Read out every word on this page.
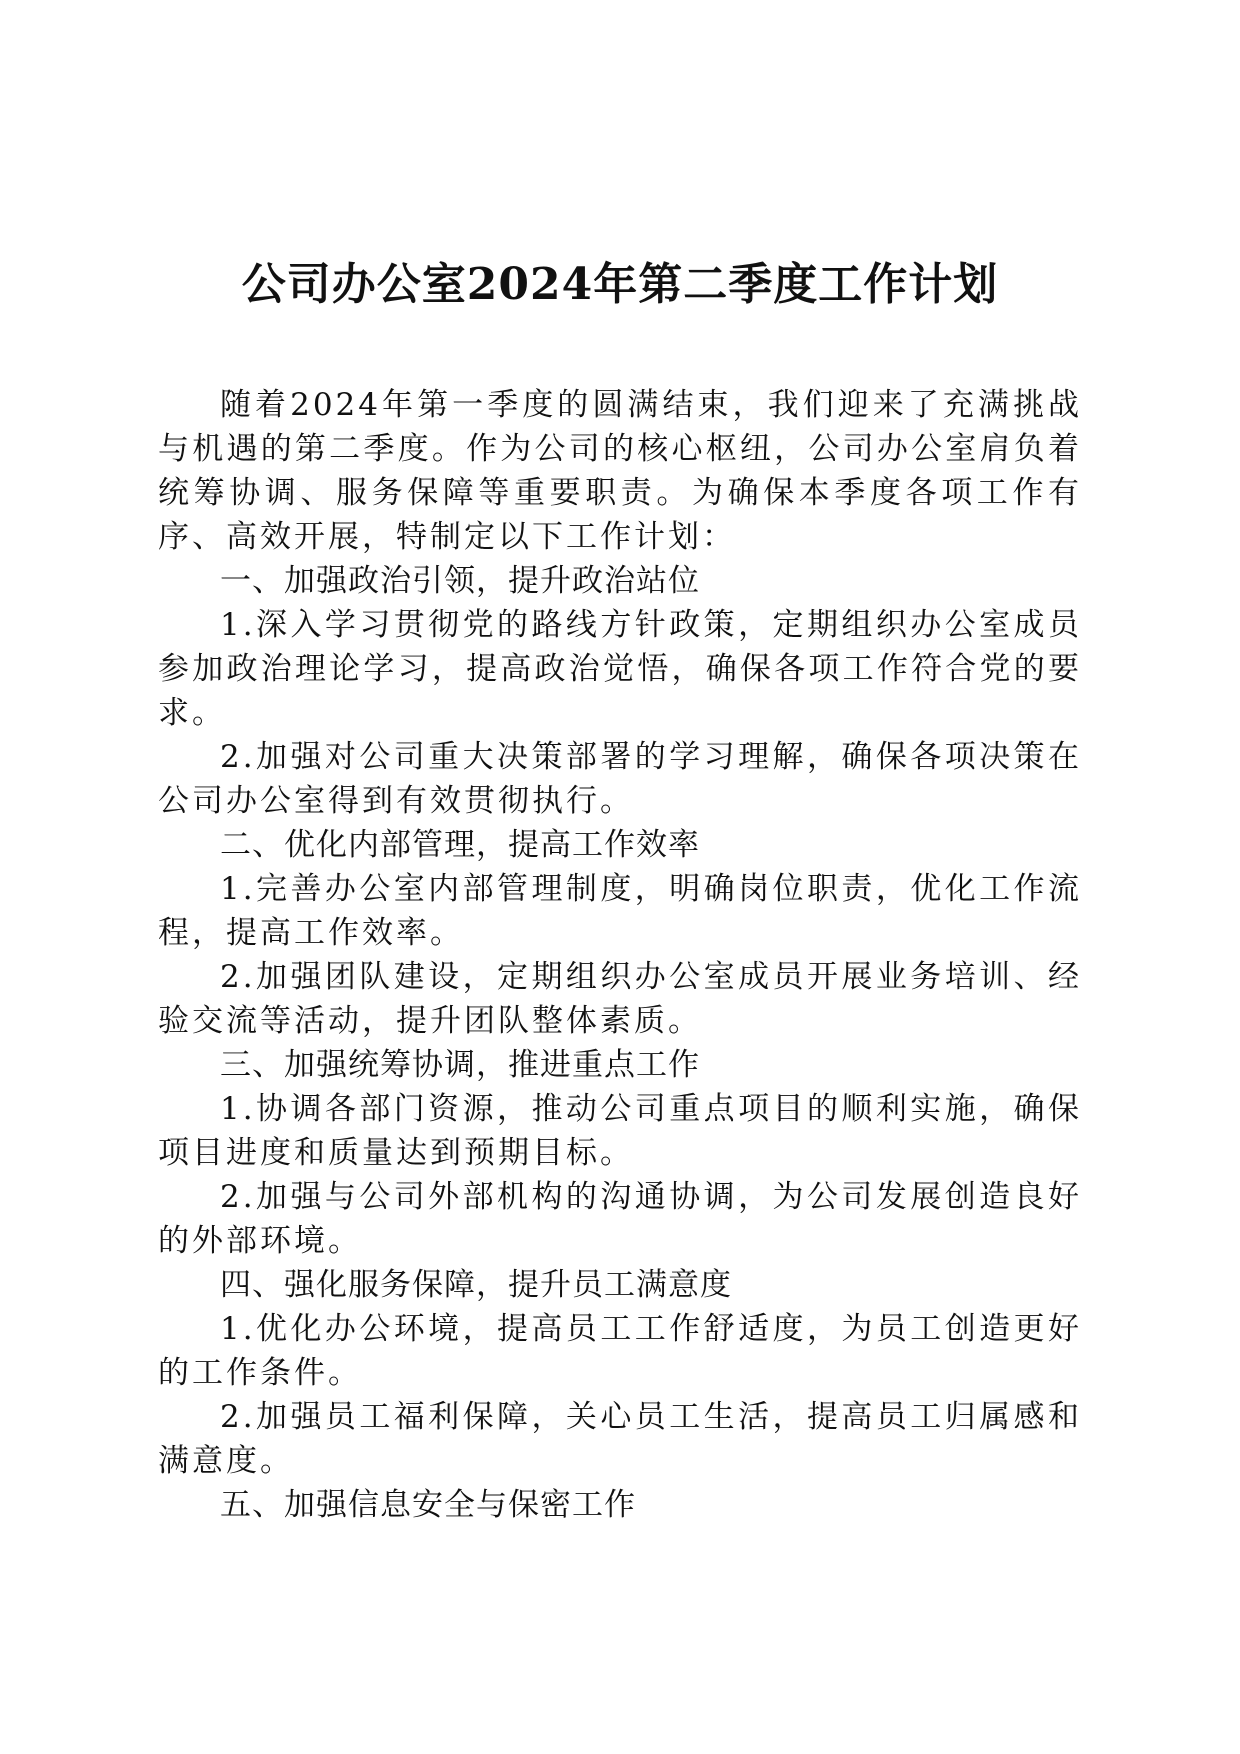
公司办公室2024年第二季度工作计划

随着2024年第一季度的圆满结束，我们迎来了充满挑战与机遇的第二季度。作为公司的核心枢纽，公司办公室肩负着统筹协调、服务保障等重要职责。为确保本季度各项工作有序、高效开展，特制定以下工作计划：

一、加强政治引领，提升政治站位

1.深入学习贯彻党的路线方针政策，定期组织办公室成员参加政治理论学习，提高政治觉悟，确保各项工作符合党的要求。

2.加强对公司重大决策部署的学习理解，确保各项决策在公司办公室得到有效贯彻执行。

二、优化内部管理，提高工作效率

1.完善办公室内部管理制度，明确岗位职责，优化工作流程，提高工作效率。

2.加强团队建设，定期组织办公室成员开展业务培训、经验交流等活动，提升团队整体素质。

三、加强统筹协调，推进重点工作

1.协调各部门资源，推动公司重点项目的顺利实施，确保项目进度和质量达到预期目标。

2.加强与公司外部机构的沟通协调，为公司发展创造良好的外部环境。

四、强化服务保障，提升员工满意度

1.优化办公环境，提高员工工作舒适度，为员工创造更好的工作条件。

2.加强员工福利保障，关心员工生活，提高员工归属感和满意度。

五、加强信息安全与保密工作
